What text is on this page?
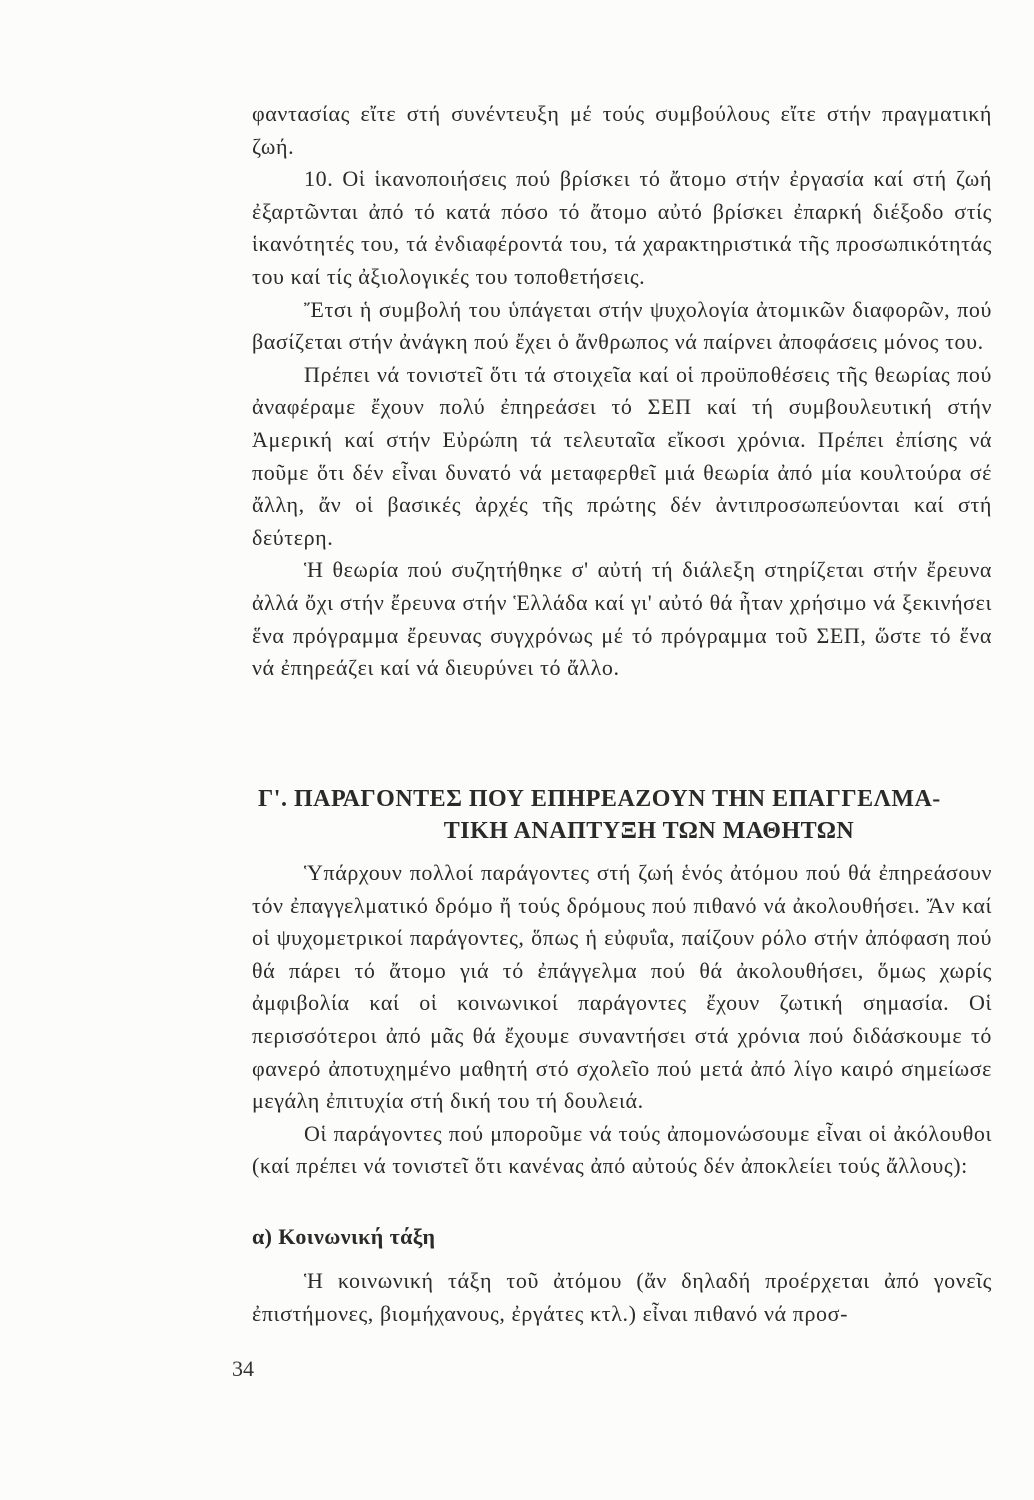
φαντασίας εἴτε στή συνέντευξη μέ τούς συμβούλους εἴτε στήν πραγματική ζωή.

10. Οἱ ἱκανοποιήσεις πού βρίσκει τό ἄτομο στήν ἐργασία καί στή ζωή ἐξαρτῶνται ἀπό τό κατά πόσο τό ἄτομο αὐτό βρίσκει ἐπαρκή διέξοδο στίς ἱκανότητές του, τά ἐνδιαφέροντά του, τά χαρακτηριστικά τῆς προσωπικότητάς του καί τίς ἀξιολογικές του τοποθετήσεις.

Ἔτσι ἡ συμβολή του ὑπάγεται στήν ψυχολογία ἀτομικῶν διαφορῶν, πού βασίζεται στήν ἀνάγκη πού ἔχει ὁ ἄνθρωπος νά παίρνει ἀποφάσεις μόνος του.

Πρέπει νά τονιστεῖ ὅτι τά στοιχεῖα καί οἱ προϋποθέσεις τῆς θεωρίας πού ἀναφέραμε ἔχουν πολύ ἐπηρεάσει τό ΣΕΠ καί τή συμβουλευτική στήν Ἀμερική καί στήν Εὐρώπη τά τελευταῖα εἴκοσι χρόνια. Πρέπει ἐπίσης νά ποῦμε ὅτι δέν εἶναι δυνατό νά μεταφερθεῖ μιά θεωρία ἀπό μία κουλτούρα σέ ἄλλη, ἄν οἱ βασικές ἀρχές τῆς πρώτης δέν ἀντιπροσωπεύονται καί στή δεύτερη.

Ἡ θεωρία πού συζητήθηκε σ' αὐτή τή διάλεξη στηρίζεται στήν ἔρευνα ἀλλά ὄχι στήν ἔρευνα στήν Ἑλλάδα καί γι' αὐτό θά ἦταν χρήσιμο νά ξεκινήσει ἕνα πρόγραμμα ἔρευνας συγχρόνως μέ τό πρόγραμμα τοῦ ΣΕΠ, ὥστε τό ἕνα νά ἐπηρεάζει καί νά διευρύνει τό ἄλλο.

Γ'. ΠΑΡΑΓΟΝΤΕΣ ΠΟΥ ΕΠΗΡΕΑΖΟΥΝ ΤΗΝ ΕΠΑΓΓΕΛΜΑ-
ΤΙΚΗ ΑΝΑΠΤΥΞΗ ΤΩΝ ΜΑΘΗΤΩΝ

Ὑπάρχουν πολλοί παράγοντες στή ζωή ἑνός ἀτόμου πού θά ἐπηρεάσουν τόν ἐπαγγελματικό δρόμο ἤ τούς δρόμους πού πιθανό νά ἀκολουθήσει. Ἄν καί οἱ ψυχομετρικοί παράγοντες, ὅπως ἡ εὐφυΐα, παίζουν ρόλο στήν ἀπόφαση πού θά πάρει τό ἄτομο γιά τό ἐπάγγελμα πού θά ἀκολουθήσει, ὅμως χωρίς ἀμφιβολία καί οἱ κοινωνικοί παράγοντες ἔχουν ζωτική σημασία. Οἱ περισσότεροι ἀπό μᾶς θά ἔχουμε συναντήσει στά χρόνια πού διδάσκουμε τό φανερό ἀποτυχημένο μαθητή στό σχολεῖο πού μετά ἀπό λίγο καιρό σημείωσε μεγάλη ἐπιτυχία στή δική του τή δουλειά.

Οἱ παράγοντες πού μποροῦμε νά τούς ἀπομονώσουμε εἶναι οἱ ἀκόλουθοι (καί πρέπει νά τονιστεῖ ὅτι κανένας ἀπό αὐτούς δέν ἀποκλείει τούς ἄλλους):

α) Κοινωνική τάξη

Ἡ κοινωνική τάξη τοῦ ἀτόμου (ἄν δηλαδή προέρχεται ἀπό γονεῖς ἐπιστήμονες, βιομήχανους, ἐργάτες κτλ.) εἶναι πιθανό νά προσ-

34
